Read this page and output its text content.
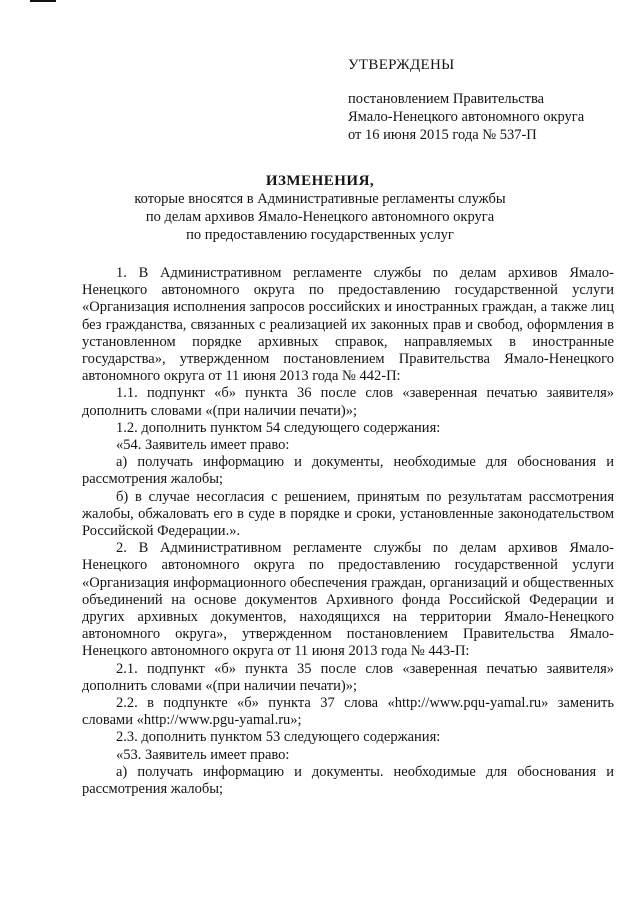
УТВЕРЖДЕНЫ
постановлением Правительства
Ямало-Ненецкого автономного округа
от 16 июня 2015 года № 537-П
ИЗМЕНЕНИЯ,
которые вносятся в Административные регламенты службы
по делам архивов Ямало-Ненецкого автономного округа
по предоставлению государственных услуг

1. В Административном регламенте службы по делам архивов Ямало-Ненецкого автономного округа по предоставлению государственной услуги «Организация исполнения запросов российских и иностранных граждан, а также лиц без гражданства, связанных с реализацией их законных прав и свобод, оформления в установленном порядке архивных справок, направляемых в иностранные государства», утвержденном постановлением Правительства Ямало-Ненецкого автономного округа от 11 июня 2013 года № 442-П:

1.1. подпункт «б» пункта 36 после слов «заверенная печатью заявителя» дополнить словами «(при наличии печати)»;

1.2. дополнить пунктом 54 следующего содержания:

«54. Заявитель имеет право:

а) получать информацию и документы, необходимые для обоснования и рассмотрения жалобы;

б) в случае несогласия с решением, принятым по результатам рассмотрения жалобы, обжаловать его в суде в порядке и сроки, установленные законодательством Российской Федерации.».

2. В Административном регламенте службы по делам архивов Ямало-Ненецкого автономного округа по предоставлению государственной услуги «Организация информационного обеспечения граждан, организаций и общественных объединений на основе документов Архивного фонда Российской Федерации и других архивных документов, находящихся на территории Ямало-Ненецкого автономного округа», утвержденном постановлением Правительства Ямало-Ненецкого автономного округа от 11 июня 2013 года № 443-П:

2.1. подпункт «б» пункта 35 после слов «заверенная печатью заявителя» дополнить словами «(при наличии печати)»;

2.2. в подпункте «б» пункта 37 слова «http://www.pqu-yamal.ru» заменить словами «http://www.pgu-yamal.ru»;

2.3. дополнить пунктом 53 следующего содержания:

«53. Заявитель имеет право:

а) получать информацию и документы. необходимые для обоснования и рассмотрения жалобы;
